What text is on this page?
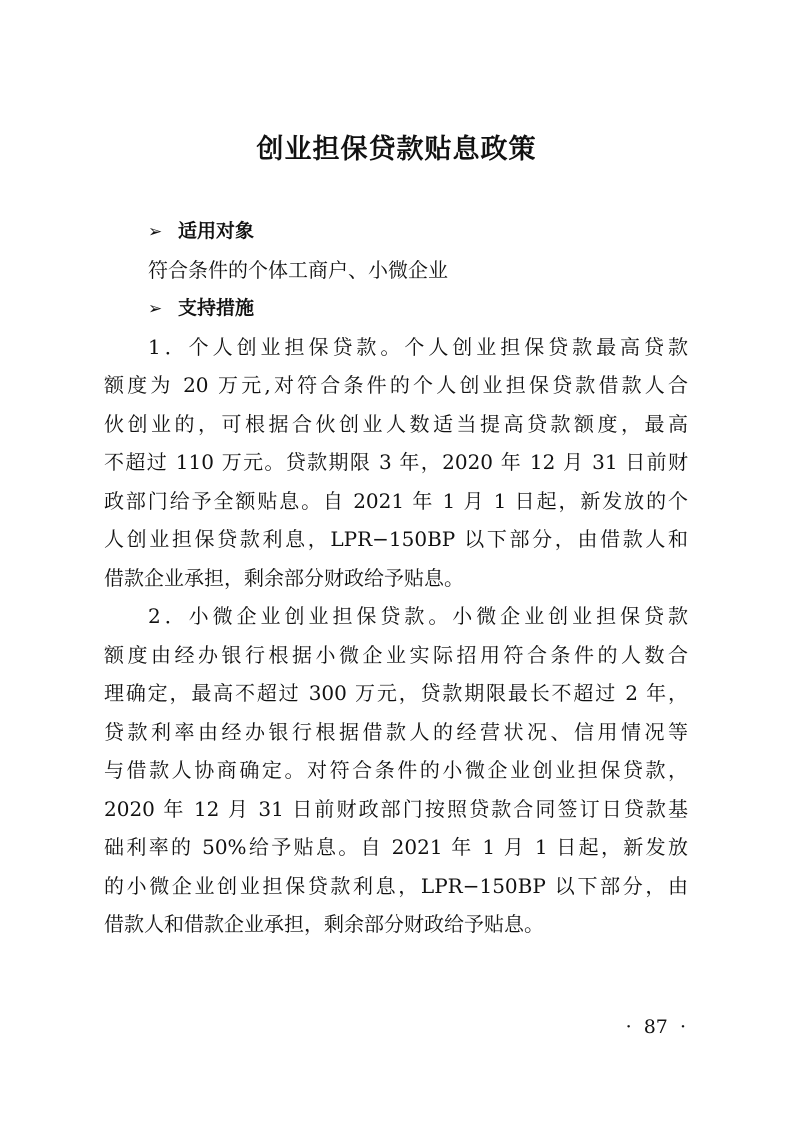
创业担保贷款贴息政策
➢ 适用对象
符合条件的个体工商户、小微企业
➢ 支持措施
1．个人创业担保贷款。个人创业担保贷款最高贷款
额度为 20 万元,对符合条件的个人创业担保贷款借款人合
伙创业的，可根据合伙创业人数适当提高贷款额度，最高
不超过 110 万元。贷款期限 3 年，2020 年 12 月 31 日前财
政部门给予全额贴息。自 2021 年 1 月 1 日起，新发放的个
人创业担保贷款利息，LPR−150BP 以下部分，由借款人和
借款企业承担，剩余部分财政给予贴息。
2．小微企业创业担保贷款。小微企业创业担保贷款
额度由经办银行根据小微企业实际招用符合条件的人数合
理确定，最高不超过 300 万元，贷款期限最长不超过 2 年，
贷款利率由经办银行根据借款人的经营状况、信用情况等
与借款人协商确定。对符合条件的小微企业创业担保贷款，
2020 年 12 月 31 日前财政部门按照贷款合同签订日贷款基
础利率的 50%给予贴息。自 2021 年 1 月 1 日起，新发放
的小微企业创业担保贷款利息，LPR−150BP 以下部分，由
借款人和借款企业承担，剩余部分财政给予贴息。
·  87  ·
